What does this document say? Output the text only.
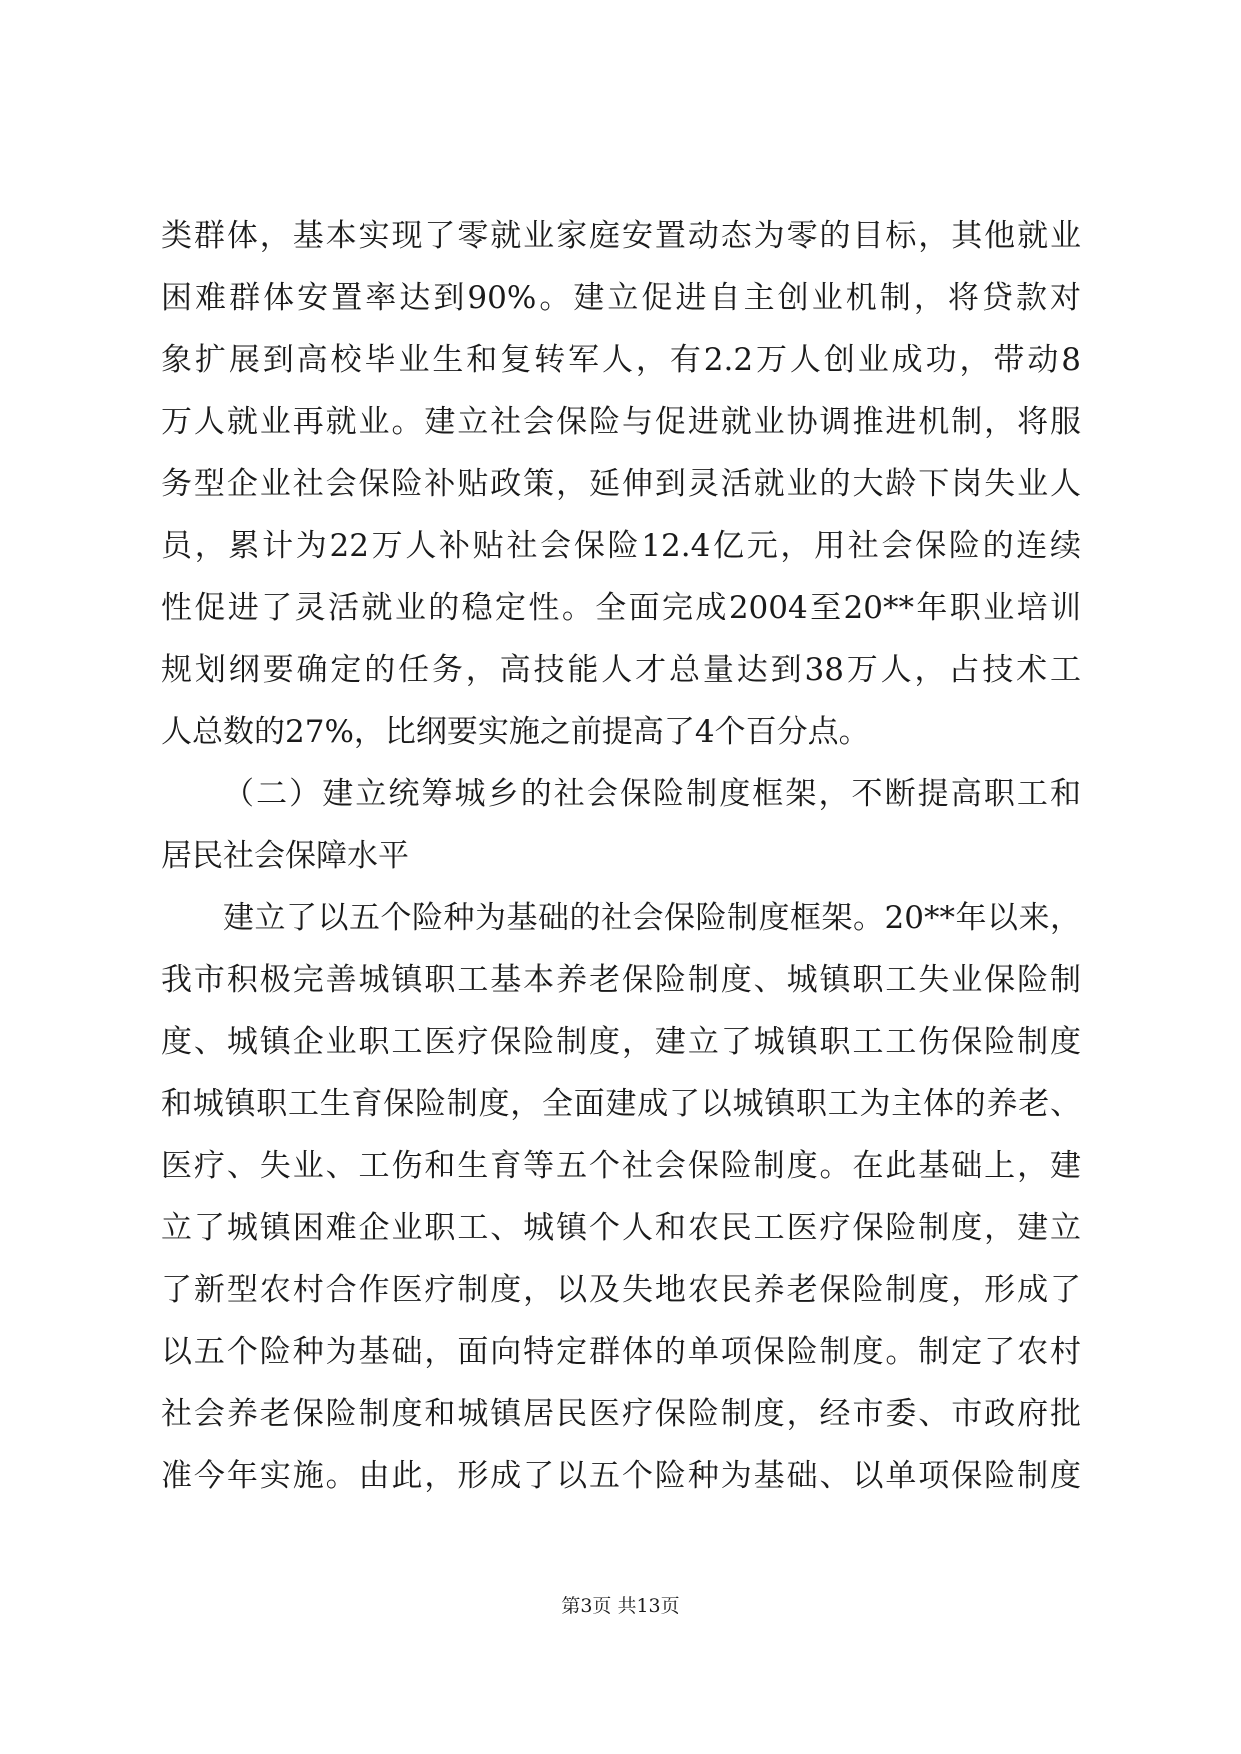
类群体，基本实现了零就业家庭安置动态为零的目标，其他就业
困难群体安置率达到90%。建立促进自主创业机制，将贷款对
象扩展到高校毕业生和复转军人，有2.2万人创业成功，带动8
万人就业再就业。建立社会保险与促进就业协调推进机制，将服
务型企业社会保险补贴政策，延伸到灵活就业的大龄下岗失业人
员，累计为22万人补贴社会保险12.4亿元，用社会保险的连续
性促进了灵活就业的稳定性。全面完成2004至20**年职业培训
规划纲要确定的任务，高技能人才总量达到38万人，占技术工
人总数的27%，比纲要实施之前提高了4个百分点。
（二）建立统筹城乡的社会保险制度框架，不断提高职工和
居民社会保障水平
建立了以五个险种为基础的社会保险制度框架。20**年以来，
我市积极完善城镇职工基本养老保险制度、城镇职工失业保险制
度、城镇企业职工医疗保险制度，建立了城镇职工工伤保险制度
和城镇职工生育保险制度，全面建成了以城镇职工为主体的养老、
医疗、失业、工伤和生育等五个社会保险制度。在此基础上，建
立了城镇困难企业职工、城镇个人和农民工医疗保险制度，建立
了新型农村合作医疗制度，以及失地农民养老保险制度，形成了
以五个险种为基础，面向特定群体的单项保险制度。制定了农村
社会养老保险制度和城镇居民医疗保险制度，经市委、市政府批
准今年实施。由此，形成了以五个险种为基础、以单项保险制度
第3页 共13页
